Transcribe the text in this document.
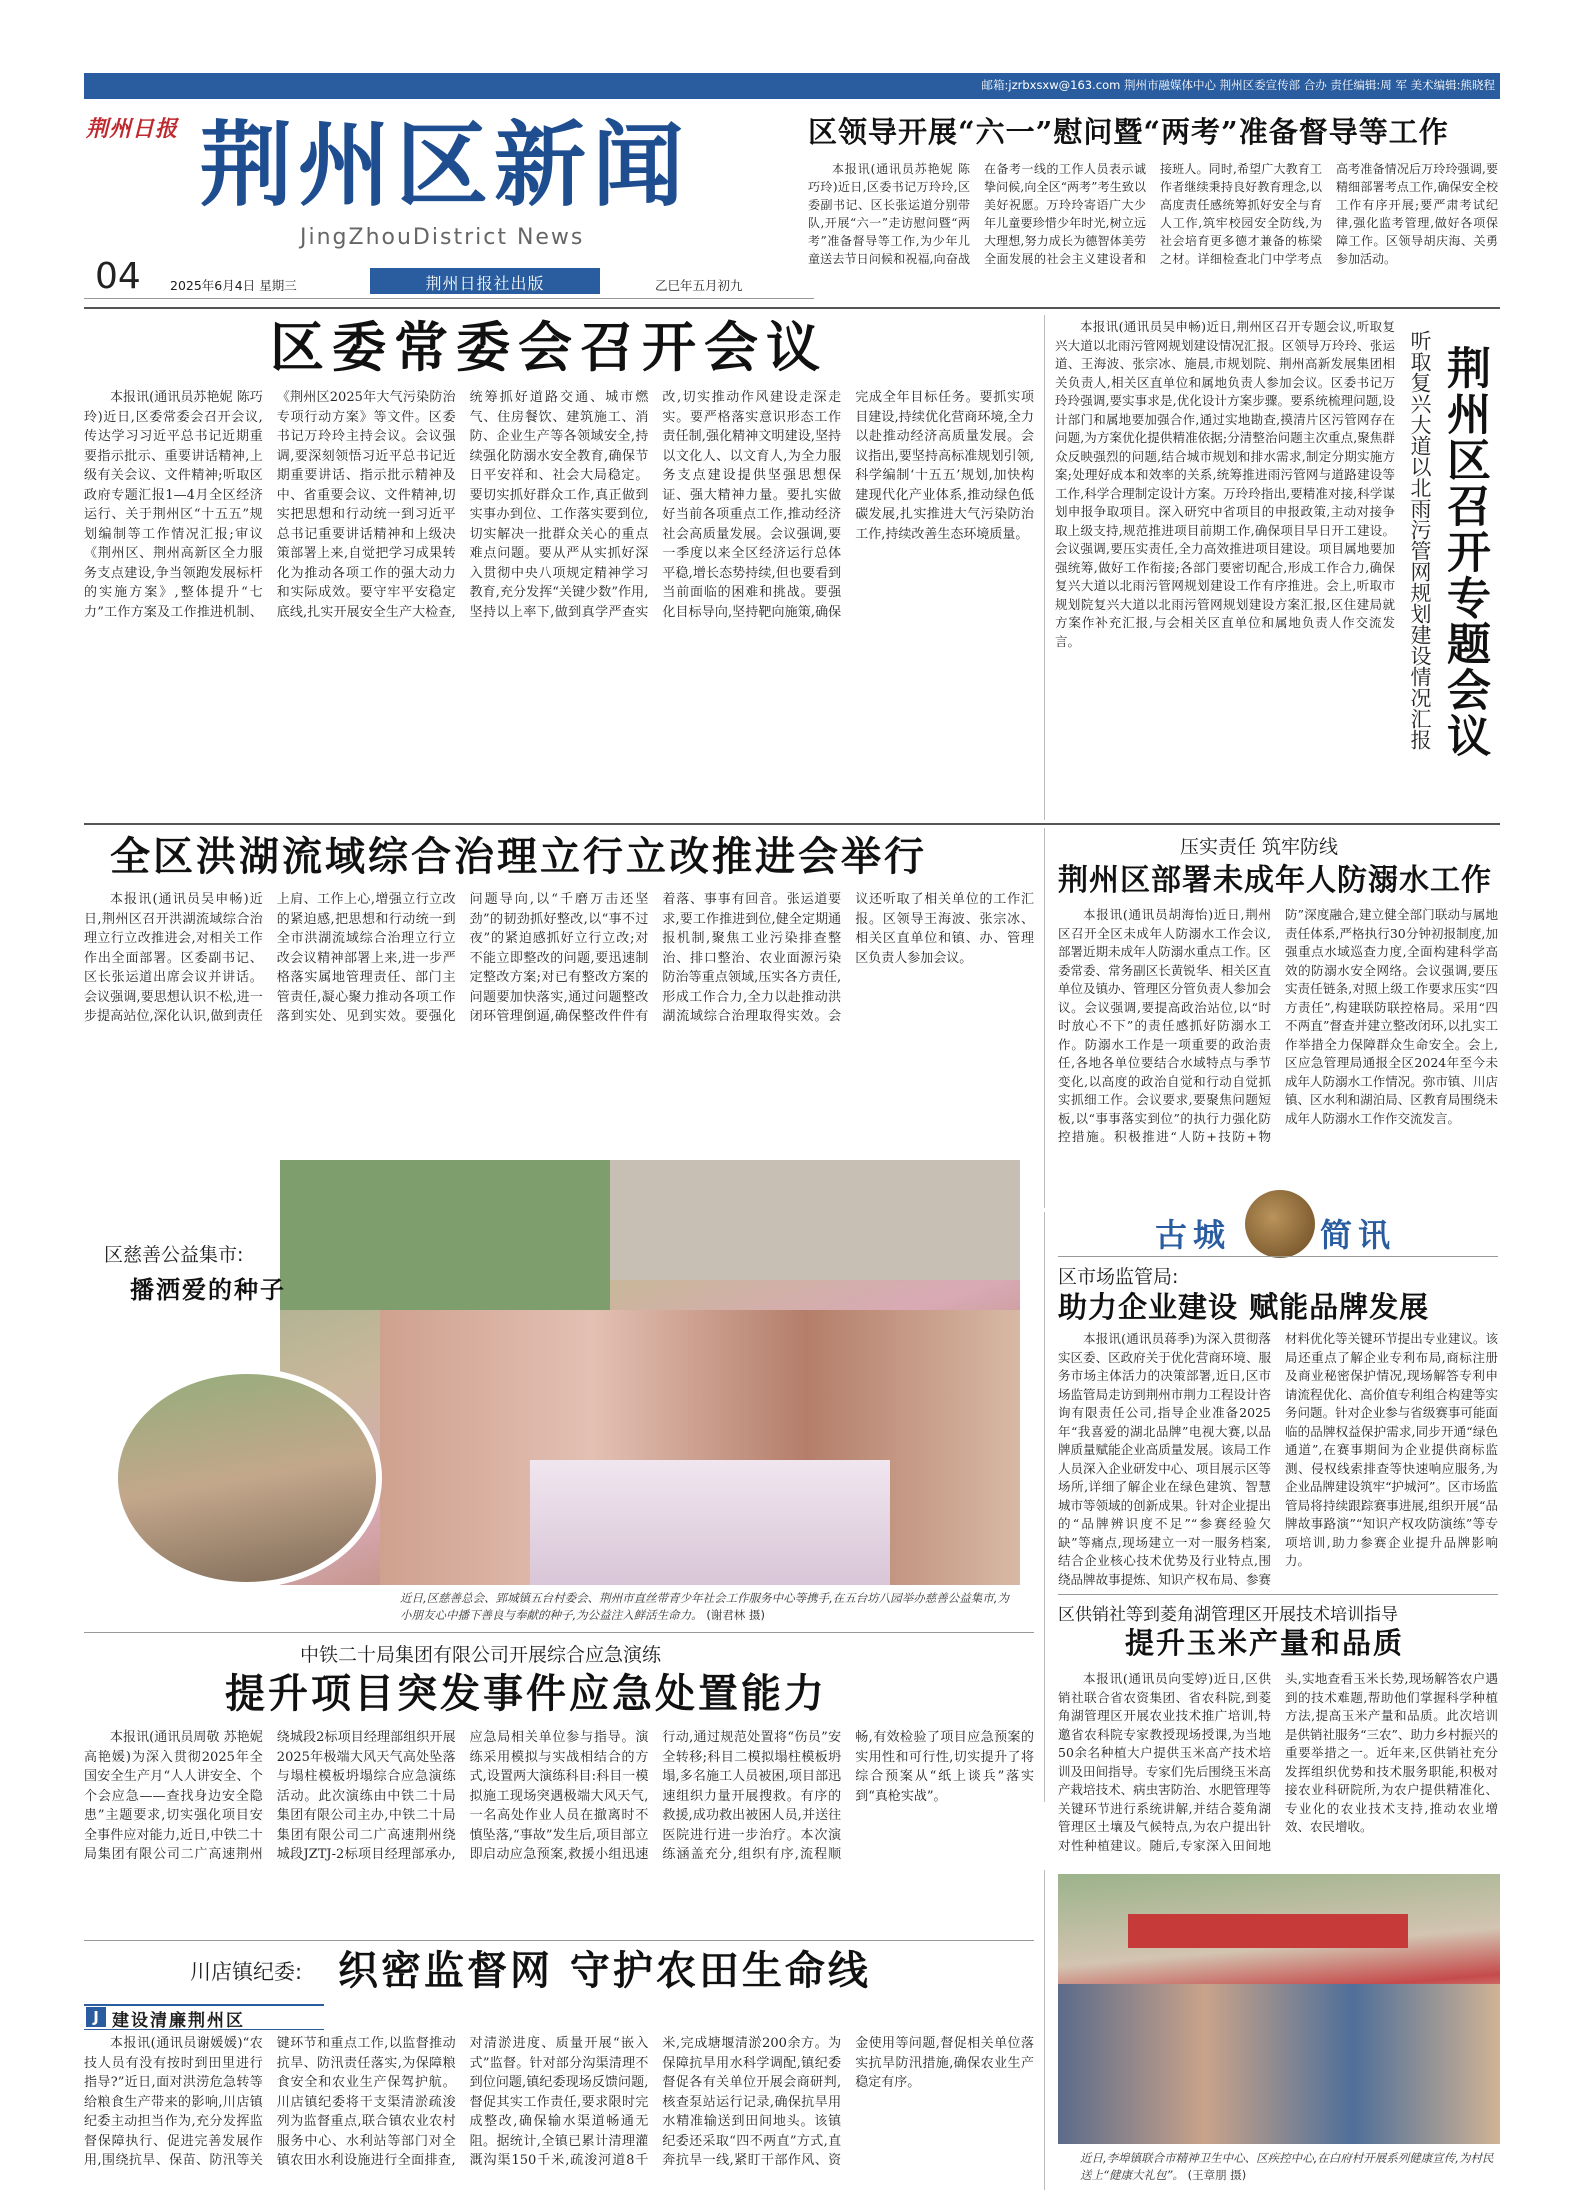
邮箱:jzrbxsxw@163.com 荆州市融媒体中心 荆州区委宣传部 合办 责任编辑:周 军 美术编辑:熊晓程
荆州日报 荆州区新闻
JingZhouDistrict News
04	2025年6月4日 星期三	荆州日报社出版	乙巳年五月初九
区领导开展“六一”慰问暨“两考”准备督导等工作

本报讯(通讯员苏艳妮 陈巧玲)近日,区委书记万玲玲,区委副书记、区长张运道分别带队,开展“六一”走访慰问暨“两考”准备督导等工作,为少年儿童送去节日问候和祝福,向奋战在备考一线的工作人员表示诚挚问候,向全区“两考”考生致以美好祝愿。万玲玲寄语广大少年儿童要珍惜少年时光,树立远大理想,努力成长为德智体美劳全面发展的社会主义建设者和接班人。同时,希望广大教育工作者继续秉持良好教育理念,以高度责任感统筹抓好安全与育人工作,筑牢校园安全防线,为社会培育更多德才兼备的栋梁之材。详细检查北门中学考点高考准备情况后万玲玲强调,要精细部署考点工作,确保安全校工作有序开展;要严肃考试纪律,强化监考管理,做好各项保障工作。区领导胡庆海、关勇参加活动。

区委常委会召开会议

本报讯(通讯员苏艳妮 陈巧玲)近日,区委常委会召开会议,传达学习习近平总书记近期重要指示批示、重要讲话精神,上级有关会议、文件精神;听取区政府专题汇报1—4月全区经济运行、关于荆州区“十五五”规划编制等工作情况汇报;审议《荆州区、荆州高新区全力服务支点建设,争当领跑发展标杆的实施方案》,整体提升“七力”工作方案及工作推进机制、《荆州区2025年大气污染防治专项行动方案》等文件。区委书记万玲玲主持会议。会议强调,要深刻领悟习近平总书记近期重要讲话、指示批示精神及中、省重要会议、文件精神,切实把思想和行动统一到习近平总书记重要讲话精神和上级决策部署上来,自觉把学习成果转化为推动各项工作的强大动力和实际成效。要守牢平安稳定底线,扎实开展安全生产大检查,统筹抓好道路交通、城市燃气、住房餐饮、建筑施工、消防、企业生产等各领域安全,持续强化防溺水安全教育,确保节日平安祥和、社会大局稳定。要切实抓好群众工作,真正做到实事办到位、工作落实要到位,切实解决一批群众关心的重点难点问题。要从严从实抓好深入贯彻中央八项规定精神学习教育,充分发挥“关键少数”作用,坚持以上率下,做到真学严查实改,切实推动作风建设走深走实。要严格落实意识形态工作责任制,强化精神文明建设,坚持以文化人、以文育人,为全力服务支点建设提供坚强思想保证、强大精神力量。要扎实做好当前各项重点工作,推动经济社会高质量发展。会议强调,要一季度以来全区经济运行总体平稳,增长态势持续,但也要看到当前面临的困难和挑战。要强化目标导向,坚持靶向施策,确保完成全年目标任务。要抓实项目建设,持续优化营商环境,全力以赴推动经济高质量发展。会议指出,要坚持高标准规划引领,科学编制‘十五五’规划,加快构建现代化产业体系,推动绿色低碳发展,扎实推进大气污染防治工作,持续改善生态环境质量。

本报讯(通讯员吴申畅)近日,荆州区召开专题会议,听取复兴大道以北雨污管网规划建设情况汇报。区领导万玲玲、张运道、王海波、张宗冰、施晨,市规划院、荆州高新发展集团相关负责人,相关区直单位和属地负责人参加会议。区委书记万玲玲强调,要实事求是,优化设计方案步骤。要系统梳理问题,设计部门和属地要加强合作,通过实地勘查,摸清片区污管网存在问题,为方案优化提供精准依据;分清整治问题主次重点,聚焦群众反映强烈的问题,结合城市规划和排水需求,制定分期实施方案;处理好成本和效率的关系,统筹推进雨污管网与道路建设等工作,科学合理制定设计方案。万玲玲指出,要精准对接,科学谋划申报争取项目。深入研究中省项目的申报政策,主动对接争取上级支持,规范推进项目前期工作,确保项目早日开工建设。会议强调,要压实责任,全力高效推进项目建设。项目属地要加强统筹,做好工作衔接;各部门要密切配合,形成工作合力,确保复兴大道以北雨污管网规划建设工作有序推进。会上,听取市规划院复兴大道以北雨污管网规划建设方案汇报,区住建局就方案作补充汇报,与会相关区直单位和属地负责人作交流发言。	荆州区召开专题会议
听取复兴大道以北雨污管网规划建设情况汇报
全区洪湖流域综合治理立行立改推进会举行

本报讯(通讯员吴申畅)近日,荆州区召开洪湖流域综合治理立行立改推进会,对相关工作作出全面部署。区委副书记、区长张运道出席会议并讲话。会议强调,要思想认识不松,进一步提高站位,深化认识,做到责任上肩、工作上心,增强立行立改的紧迫感,把思想和行动统一到全市洪湖流域综合治理立行立改会议精神部署上来,进一步严格落实属地管理责任、部门主管责任,凝心聚力推动各项工作落到实处、见到实效。要强化问题导向,以“千磨万击还坚劲”的韧劲抓好整改,以“事不过夜”的紧迫感抓好立行立改;对不能立即整改的问题,要迅速制定整改方案;对已有整改方案的问题要加快落实,通过问题整改闭环管理倒逼,确保整改件件有着落、事事有回音。张运道要求,要工作推进到位,健全定期通报机制,聚焦工业污染排查整治、排口整治、农业面源污染防治等重点领域,压实各方责任,形成工作合力,全力以赴推动洪湖流域综合治理取得实效。会议还听取了相关单位的工作汇报。区领导王海波、张宗冰、相关区直单位和镇、办、管理区负责人参加会议。

压实责任 筑牢防线
荆州区部署未成年人防溺水工作

本报讯(通讯员胡海怡)近日,荆州区召开全区未成年人防溺水工作会议,部署近期未成年人防溺水重点工作。区委常委、常务副区长黄锐华、相关区直单位及镇办、管理区分管负责人参加会议。会议强调,要提高政治站位,以“时时放心不下”的责任感抓好防溺水工作。防溺水工作是一项重要的政治责任,各地各单位要结合水域特点与季节变化,以高度的政治自觉和行动自觉抓实抓细工作。会议要求,要聚焦问题短板,以“事事落实到位”的执行力强化防控措施。积极推进“人防+技防+物防”深度融合,建立健全部门联动与属地责任体系,严格执行30分钟初报制度,加强重点水域巡查力度,全面构建科学高效的防溺水安全网络。会议强调,要压实责任链条,对照上级工作要求压实“四方责任”,构建联防联控格局。采用“四不两直”督查并建立整改闭环,以扎实工作举措全力保障群众生命安全。会上,区应急管理局通报全区2024年至今未成年人防溺水工作情况。弥市镇、川店镇、区水利和湖泊局、区教育局围绕未成年人防溺水工作作交流发言。

区慈善公益集市:
播洒爱的种子
近日,区慈善总会、郢城镇五台村委会、荆州市直丝带青少年社会工作服务中心等携手,在五台坊八园举办慈善公益集市,为小朋友心中播下善良与奉献的种子,为公益注入鲜活生命力。 (谢君林 摄)
古城	简讯
区市场监管局:
助力企业建设 赋能品牌发展

本报讯(通讯员蒋季)为深入贯彻落实区委、区政府关于优化营商环境、服务市场主体活力的决策部署,近日,区市场监管局走访到荆州市荆力工程设计咨询有限责任公司,指导企业准备2025年“我喜爱的湖北品牌”电视大赛,以品牌质量赋能企业高质量发展。该局工作人员深入企业研发中心、项目展示区等场所,详细了解企业在绿色建筑、智慧城市等领域的创新成果。针对企业提出的“品牌辨识度不足”“参赛经验欠缺”等痛点,现场建立一对一服务档案,结合企业核心技术优势及行业特点,围绕品牌故事提炼、知识产权布局、参赛材料优化等关键环节提出专业建议。该局还重点了解企业专利布局,商标注册及商业秘密保护情况,现场解答专利申请流程优化、高价值专利组合构建等实务问题。针对企业参与省级赛事可能面临的品牌权益保护需求,同步开通“绿色通道”,在赛事期间为企业提供商标监测、侵权线索排查等快速响应服务,为企业品牌建设筑牢“护城河”。区市场监管局将持续跟踪赛事进展,组织开展“品牌故事路演”“知识产权攻防演练”等专项培训,助力参赛企业提升品牌影响力。

区供销社等到菱角湖管理区开展技术培训指导
提升玉米产量和品质

本报讯(通讯员向雯婷)近日,区供销社联合省农资集团、省农科院,到菱角湖管理区开展农业技术推广培训,特邀省农科院专家教授现场授课,为当地50余名种植大户提供玉米高产技术培训及田间指导。专家们先后围绕玉米高产栽培技术、病虫害防治、水肥管理等关键环节进行系统讲解,并结合菱角湖管理区土壤及气候特点,为农户提出针对性种植建议。随后,专家深入田间地头,实地查看玉米长势,现场解答农户遇到的技术难题,帮助他们掌握科学种植方法,提高玉米产量和品质。此次培训是供销社服务“三农”、助力乡村振兴的重要举措之一。近年来,区供销社充分发挥组织优势和技术服务职能,积极对接农业科研院所,为农户提供精准化、专业化的农业技术支持,推动农业增效、农民增收。

中铁二十局集团有限公司开展综合应急演练
提升项目突发事件应急处置能力

本报讯(通讯员周敬 苏艳妮 高艳媛)为深入贯彻2025年全国安全生产月“人人讲安全、个个会应急——查找身边安全隐患”主题要求,切实强化项目安全事件应对能力,近日,中铁二十局集团有限公司二广高速荆州绕城段2标项目经理部组织开展2025年极端大风天气高处坠落与塌柱模板坍塌综合应急演练活动。此次演练由中铁二十局集团有限公司主办,中铁二十局集团有限公司二广高速荆州绕城段JZTJ-2标项目经理部承办,应急局相关单位参与指导。演练采用模拟与实战相结合的方式,设置两大演练科目:科目一模拟施工现场突遇极端大风天气,一名高处作业人员在撤离时不慎坠落,“事故”发生后,项目部立即启动应急预案,救援小组迅速行动,通过规范处置将“伤员”安全转移;科目二模拟塌柱模板坍塌,多名施工人员被困,项目部迅速组织力量开展搜救。有序的救援,成功救出被困人员,并送往医院进行进一步治疗。本次演练涵盖充分,组织有序,流程顺畅,有效检验了项目应急预案的实用性和可行性,切实提升了将综合预案从“纸上谈兵”落实到“真枪实战”。

川店镇纪委: 织密监督网 守护农田生命线
J 建设清廉荆州区

本报讯(通讯员谢媛媛)“农技人员有没有按时到田里进行指导?”近日,面对洪涝危急转等给粮食生产带来的影响,川店镇纪委主动担当作为,充分发挥监督保障执行、促进完善发展作用,围绕抗旱、保苗、防汛等关键环节和重点工作,以监督推动抗旱、防汛责任落实,为保障粮食安全和农业生产保驾护航。川店镇纪委将干支渠清淤疏浚列为监督重点,联合镇农业农村服务中心、水利站等部门对全镇农田水利设施进行全面排查,对清淤进度、质量开展“嵌入式”监督。针对部分沟渠清理不到位问题,镇纪委现场反馈问题,督促其实工作责任,要求限时完成整改,确保输水渠道畅通无阻。据统计,全镇已累计清理灌溉沟渠150千米,疏浚河道8千米,完成塘堰清淤200余方。为保障抗旱用水科学调配,镇纪委督促各有关单位开展会商研判,核查泵站运行记录,确保抗旱用水精准输送到田间地头。该镇纪委还采取“四不两直”方式,直奔抗旱一线,紧盯干部作风、资金使用等问题,督促相关单位落实抗旱防汛措施,确保农业生产稳定有序。

近日,李埠镇联合市精神卫生中心、区疾控中心,在白府村开展系列健康宣传,为村民送上“健康大礼包”。 (王章朋 摄)
